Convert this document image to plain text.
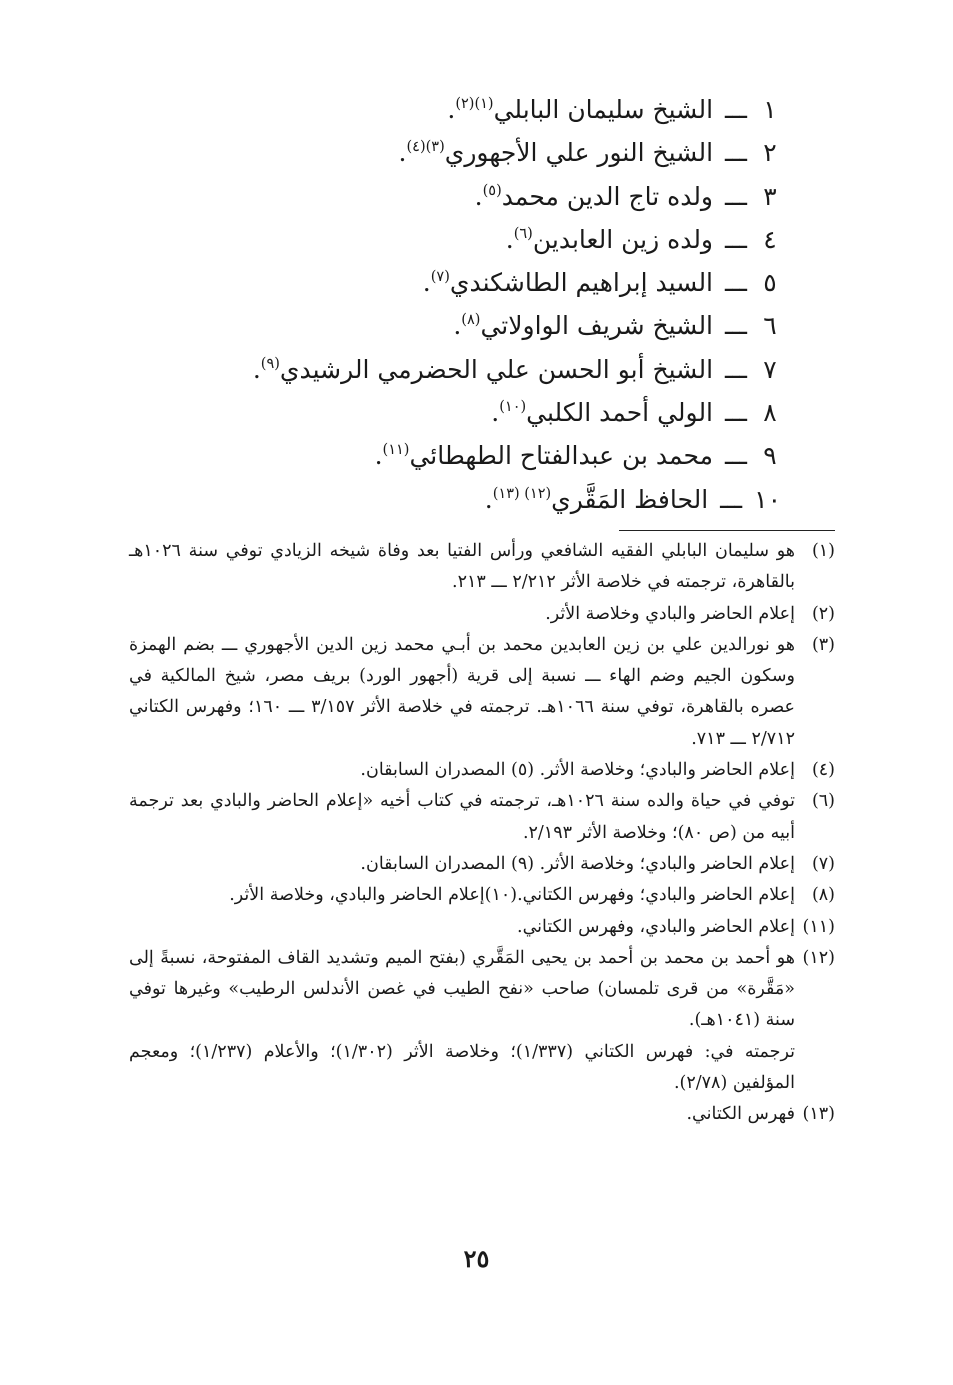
١ـــالشيخ سليمان البابلي$^{(١)(٢)}$.
٢ـــالشيخ النور علي الأجهوري$^{(٣)(٤)}$.
٣ـــولده تاج الدين محمد$^{(٥)}$.
٤ـــولده زين العابدين$^{(٦)}$.
٥ـــالسيد إبراهيم الطاشكندي$^{(٧)}$.
٦ـــالشيخ شريف الواولاتي$^{(٨)}$.
٧ـــالشيخ أبو الحسن علي الحضرمي الرشيدي$^{(٩)}$.
٨ـــالولي أحمد الكلبي$^{(١٠)}$.
٩ـــمحمد بن عبدالفتاح الطهطائي$^{(١١)}$.
١٠ـــالحافظ المَقَّري$^{(١٢) (١٣)}$.
(١)
هو سليمان البابلي الفقيه الشافعي ورأس الفتيا بعد وفاة شيخه الزيادي توفي سنة ١٠٢٦هـ بالقاهرة، ترجمته في خلاصة الأثر ٢/٢١٢ ـــ ٢١٣.
(٢)
إعلام الحاضر والبادي وخلاصة الأثر.
(٣)
هو نورالدين علي بن زين العابدين محمد بن أبـي محمد زين الدين الأجهوري ـــ بضم الهمزة وسكون الجيم وضم الهاء ـــ نسبة إلى قرية (أجهور الورد) بريف مصر، شيخ المالكية في عصره بالقاهرة، توفي سنة ١٠٦٦هـ. ترجمته في خلاصة الأثر ٣/١٥٧ ـــ ١٦٠؛ وفهرس الكتاني ٢/٧١٢ ـــ ٧١٣.
(٤)
إعلام الحاضر والبادي؛ وخلاصة الأثر. (٥) المصدران السابقان.
(٦)
توفي في حياة والده سنة ١٠٢٦هـ، ترجمته في كتاب أخيه «إعلام الحاضر والبادي بعد ترجمة أبيه من (ص ٨٠)؛ وخلاصة الأثر ٢/١٩٣.
(٧)
إعلام الحاضر والبادي؛ وخلاصة الأثر. (٩) المصدران السابقان.
(٨)
إعلام الحاضر والبادي؛ وفهرس الكتاني.(١٠)إعلام الحاضر والبادي، وخلاصة الأثر.
(١١)
إعلام الحاضر والبادي، وفهرس الكتاني.
(١٢)
هو أحمد بن محمد بن أحمد بن يحيى المَقَّري (بفتح الميم وتشديد القاف المفتوحة، نسبةً إلى «مَقَّرة» من قرى تلمسان) صاحب «نفح الطيب في غصن الأندلس الرطيب» وغيرها توفي سنة (١٠٤١هـ).
ترجمته في: فهرس الكتاني (١/٣٣٧)؛ وخلاصة الأثر (١/٣٠٢)؛ والأعلام (١/٢٣٧)؛ ومعجم المؤلفين (٢/٧٨).
(١٣)
فهرس الكتاني.
٢٥
